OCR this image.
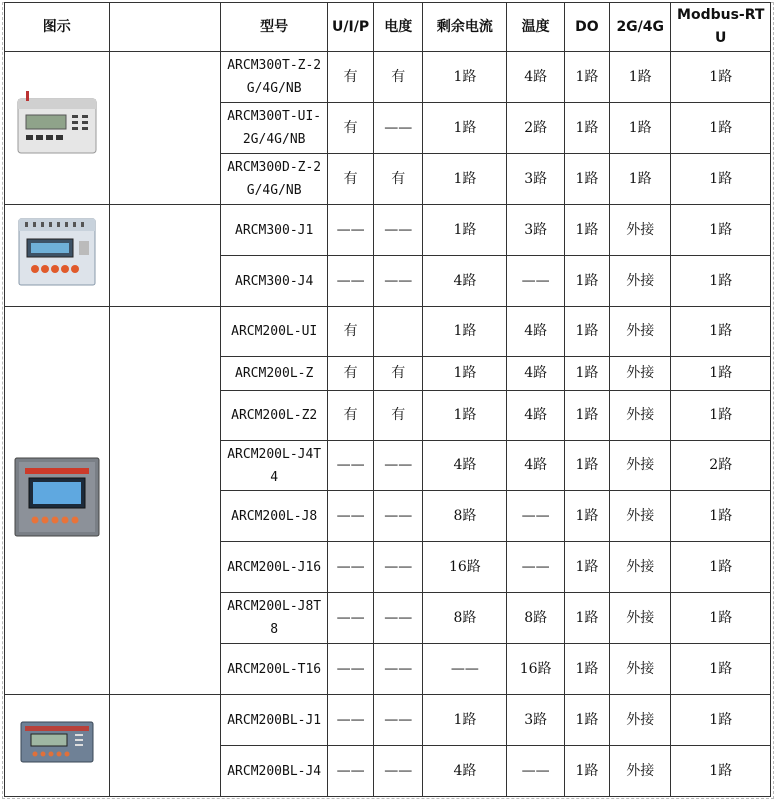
图示		型号	U/I/P	电度	剩余电流	温度	DO	2G/4G	Modbus-RTU
		ARCM300T-Z-2G/4G/NB	有	有	1路	4路	1路	1路	1路
		ARCM300T-UI-2G/4G/NB	有	——	1路	2路	1路	1路	1路
		ARCM300D-Z-2G/4G/NB	有	有	1路	3路	1路	1路	1路
		ARCM300-J1	——	——	1路	3路	1路	外接	1路
		ARCM300-J4	——	——	4路	——	1路	外接	1路
		ARCM200L-UI	有		1路	4路	1路	外接	1路
		ARCM200L-Z	有	有	1路	4路	1路	外接	1路
		ARCM200L-Z2	有	有	1路	4路	1路	外接	1路
		ARCM200L-J4T4	——	——	4路	4路	1路	外接	2路
		ARCM200L-J8	——	——	8路	——	1路	外接	1路
		ARCM200L-J16	——	——	16路	——	1路	外接	1路
		ARCM200L-J8T8	——	——	8路	8路	1路	外接	1路
		ARCM200L-T16	——	——	——	16路	1路	外接	1路
		ARCM200BL-J1	——	——	1路	3路	1路	外接	1路
		ARCM200BL-J4	——	——	4路	——	1路	外接	1路
